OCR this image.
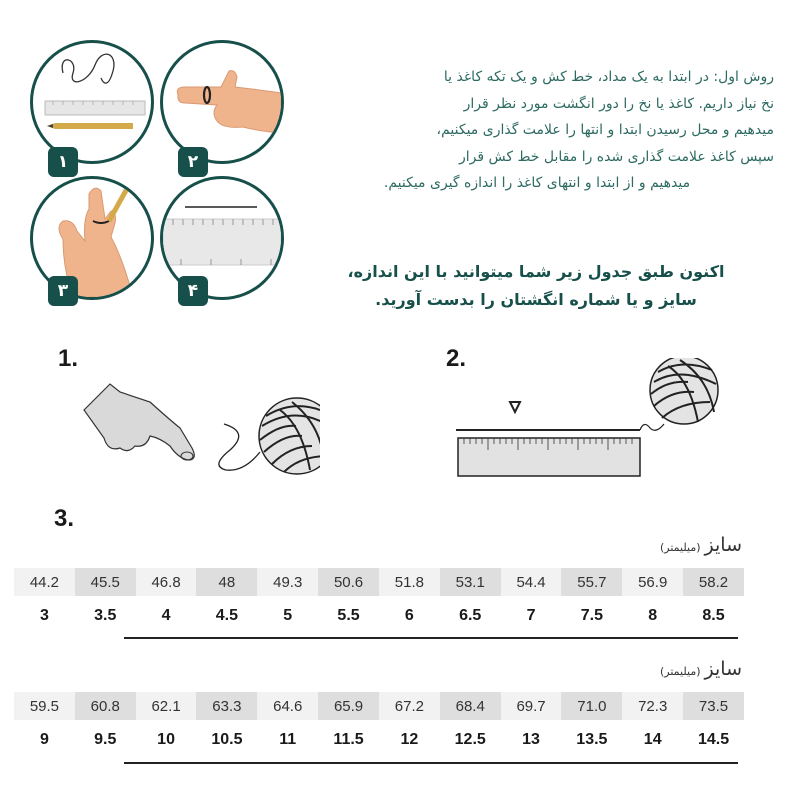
۱	۲
۳	۴
روش اول: در ابتدا به یک مداد، خط کش و یک تکه کاغذ یا
نخ نیاز داریم. کاغذ یا نخ را دور انگشت مورد نظر قرار
میدهیم و محل رسیدن ابتدا و انتها را علامت گذاری میکنیم،
سپس کاغذ علامت گذاری شده را مقابل خط کش قرار
میدهیم و از ابتدا و انتهای کاغذ را اندازه گیری میکنیم.
اکنون طبق جدول زیر شما میتوانید با این اندازه،
سایز و یا شماره انگشتان را بدست آورید.
1.	2.
3.
سایز(میلیمتر)
44.2	45.5	46.8	48	49.3	50.6	51.8	53.1	54.4	55.7	56.9	58.2
3	3.5	4	4.5	5	5.5	6	6.5	7	7.5	8	8.5
سایز(میلیمتر)
59.5	60.8	62.1	63.3	64.6	65.9	67.2	68.4	69.7	71.0	72.3	73.5
9	9.5	10	10.5	11	11.5	12	12.5	13	13.5	14	14.5
